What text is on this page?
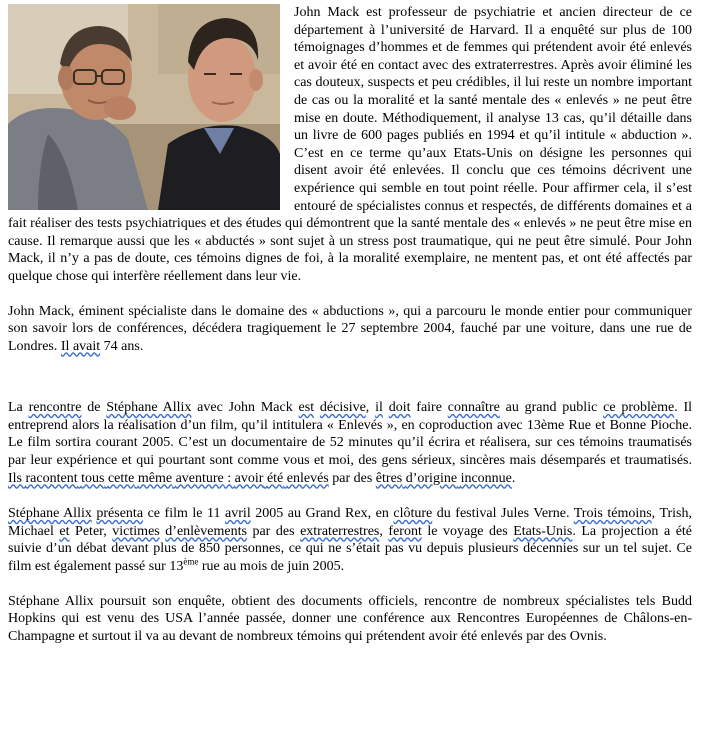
John Mack est professeur de psychiatrie et ancien directeur de ce département à l’université de Harvard. Il a enquêté sur plus de 100 témoignages d’hommes et de femmes qui prétendent avoir été enlevés et avoir été en contact avec des extraterrestres. Après avoir éliminé les cas douteux, suspects et peu crédibles, il lui reste un nombre important de cas ou la moralité et la santé mentale des « enlevés » ne peut être mise en doute. Méthodiquement, il analyse 13 cas, qu’il détaille dans un livre de 600 pages publiés en 1994 et qu’il intitule « abduction ». C’est en ce terme qu’aux Etats-Unis on désigne les personnes qui disent avoir été enlevées. Il conclu que ces témoins décrivent une expérience qui semble en tout point réelle. Pour affirmer cela, il s’est entouré de spécialistes connus et respectés, de différents domaines et a fait réaliser des tests psychiatriques et des études qui démontrent que la santé mentale des « enlevés » ne peut être mise en cause. Il remarque aussi que les « abductés » sont sujet à un stress post traumatique, qui ne peut être simulé. Pour John Mack, il n’y a pas de doute, ces témoins dignes de foi, à la moralité exemplaire, ne mentent pas, et ont été affectés par quelque chose qui interfère réellement dans leur vie.

John Mack, éminent spécialiste dans le domaine des « abductions », qui a parcouru le monde entier pour communiquer son savoir lors de conférences, décédera tragiquement le 27 septembre 2004, fauché par une voiture, dans une rue de Londres. Il avait 74 ans.

La rencontre de Stéphane Allix avec John Mack est décisive, il doit faire connaître au grand public ce problème. Il entreprend alors la réalisation d’un film, qu’il intitulera « Enlevés », en coproduction avec 13ème Rue et Bonne Pioche. Le film sortira courant 2005. C’est un documentaire de 52 minutes qu’il écrira et réalisera, sur ces témoins traumatisés par leur expérience et qui pourtant sont comme vous et moi, des gens sérieux, sincères mais désemparés et traumatisés. Ils racontent tous cette même aventure : avoir été enlevés par des êtres d’origine inconnue.

Stéphane Allix présenta ce film le 11 avril 2005 au Grand Rex, en clôture du festival Jules Verne. Trois témoins, Trish, Michael et Peter, victimes d’enlèvements par des extraterrestres, feront le voyage des Etats-Unis. La projection a été suivie d’un débat devant plus de 850 personnes, ce qui ne s’était pas vu depuis plusieurs décennies sur un tel sujet. Ce film est également passé sur 13ème rue au mois de juin 2005.

Stéphane Allix poursuit son enquête, obtient des documents officiels, rencontre de nombreux spécialistes tels Budd Hopkins qui est venu des USA l’année passée, donner une conférence aux Rencontres Européennes de Châlons-en-Champagne et surtout il va au devant de nombreux témoins qui prétendent avoir été enlevés par des Ovnis.
